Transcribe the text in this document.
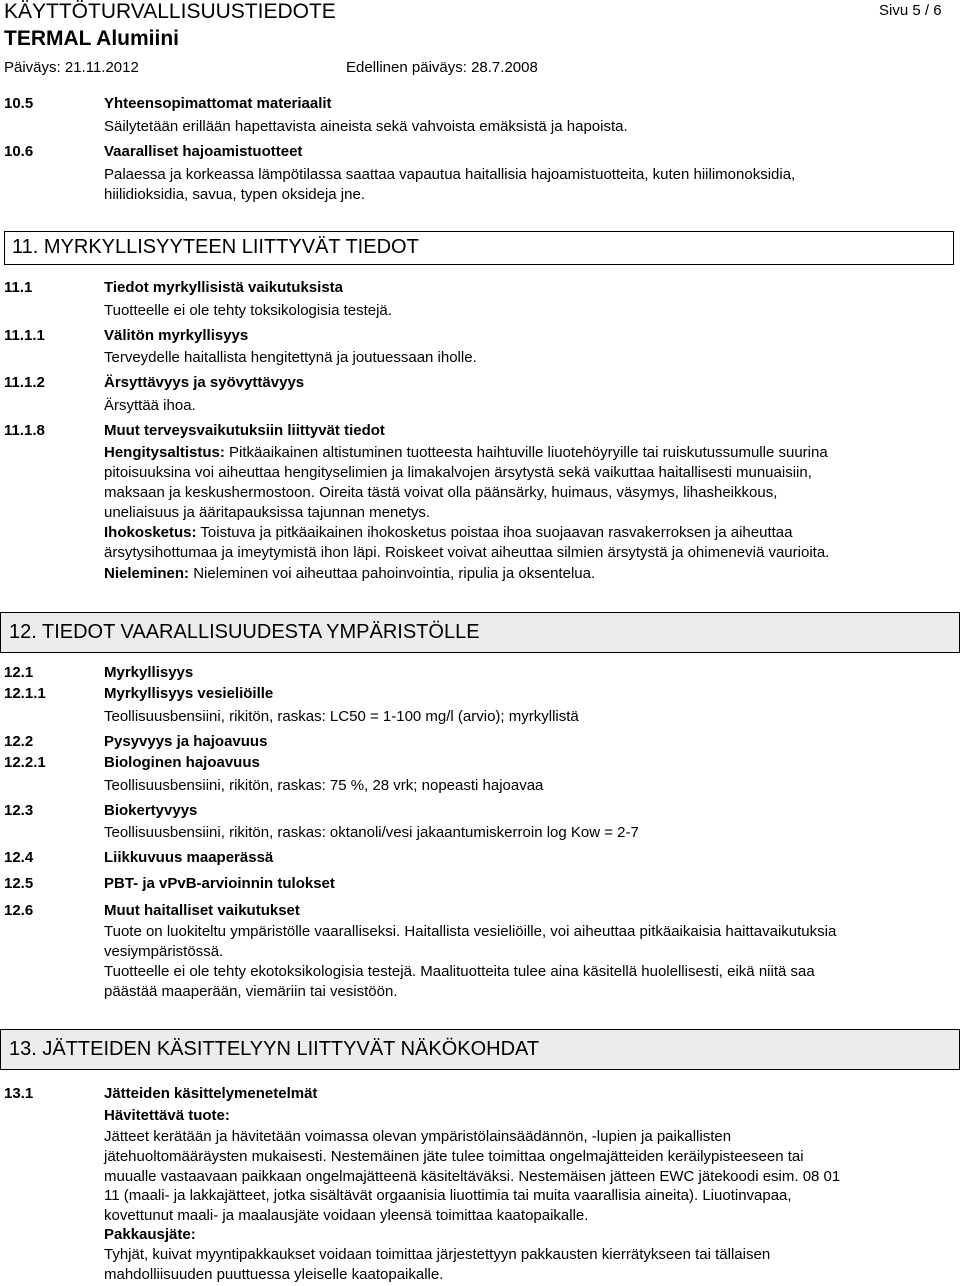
KÄYTTÖTURVALLISUUSTIEDOTE	Sivu 5 / 6
TERMAL Alumiini
Päiväys: 21.11.2012	Edellinen päiväys: 28.7.2008
10.5	Yhteensopimattomat materiaalit
Säilytetään erillään hapettavista aineista sekä vahvoista emäksistä ja hapoista.
10.6	Vaaralliset hajoamistuotteet
Palaessa ja korkeassa lämpötilassa saattaa vapautua haitallisia hajoamistuotteita, kuten hiilimonoksidia,
hiilidioksidia, savua, typen oksideja jne.
11. MYRKYLLISYYTEEN LIITTYVÄT TIEDOT
11.1	Tiedot myrkyllisistä vaikutuksista
Tuotteelle ei ole tehty toksikologisia testejä.
11.1.1	Välitön myrkyllisyys
Terveydelle haitallista hengitettynä ja joutuessaan iholle.
11.1.2	Ärsyttävyys ja syövyttävyys
Ärsyttää ihoa.
11.1.8	Muut terveysvaikutuksiin liittyvät tiedot
Hengitysaltistus: Pitkäaikainen altistuminen tuotteesta haihtuville liuotehöyryille tai ruiskutussumulle suurina
pitoisuuksina voi aiheuttaa hengityselimien ja limakalvojen ärsytystä sekä vaikuttaa haitallisesti munuaisiin,
maksaan ja keskushermostoon. Oireita tästä voivat olla päänsärky, huimaus, väsymys, lihasheikkous,
uneliaisuus ja ääritapauksissa tajunnan menetys.
Ihokosketus: Toistuva ja pitkäaikainen ihokosketus poistaa ihoa suojaavan rasvakerroksen ja aiheuttaa
ärsytysihottumaa ja imeytymistä ihon läpi. Roiskeet voivat aiheuttaa silmien ärsytystä ja ohimeneviä vaurioita.
Nieleminen: Nieleminen voi aiheuttaa pahoinvointia, ripulia ja oksentelua.
12. TIEDOT VAARALLISUUDESTA YMPÄRISTÖLLE
12.1	Myrkyllisyys
12.1.1	Myrkyllisyys vesieliöille
Teollisuusbensiini, rikitön, raskas: LC50 = 1-100 mg/l (arvio); myrkyllistä
12.2	Pysyvyys ja hajoavuus
12.2.1	Biologinen hajoavuus
Teollisuusbensiini, rikitön, raskas: 75 %, 28 vrk; nopeasti hajoavaa
12.3	Biokertyvyys
Teollisuusbensiini, rikitön, raskas: oktanoli/vesi jakaantumiskerroin log Kow = 2-7
12.4	Liikkuvuus maaperässä
12.5	PBT- ja vPvB-arvioinnin tulokset
12.6	Muut haitalliset vaikutukset
Tuote on luokiteltu ympäristölle vaaralliseksi. Haitallista vesieliöille, voi aiheuttaa pitkäaikaisia haittavaikutuksia
vesiympäristössä.
Tuotteelle ei ole tehty ekotoksikologisia testejä. Maalituotteita tulee aina käsitellä huolellisesti, eikä niitä saa
päästää maaperään, viemäriin tai vesistöön.
13. JÄTTEIDEN KÄSITTELYYN LIITTYVÄT NÄKÖKOHDAT
13.1	Jätteiden käsittelymenetelmät
Hävitettävä tuote:
Jätteet kerätään ja hävitetään voimassa olevan ympäristölainsäädännön, -lupien ja paikallisten
jätehuoltomääräysten mukaisesti. Nestemäinen jäte tulee toimittaa ongelmajätteiden keräilypisteeseen tai
muualle vastaavaan paikkaan ongelmajätteenä käsiteltäväksi. Nestemäisen jätteen EWC jätekoodi esim. 08 01
11 (maali- ja lakkajätteet, jotka sisältävät orgaanisia liuottimia tai muita vaarallisia aineita). Liuotinvapaa,
kovettunut maali- ja maalausjäte voidaan yleensä toimittaa kaatopaikalle.
Pakkausjäte:
Tyhjät, kuivat myyntipakkaukset voidaan toimittaa järjestettyyn pakkausten kierrätykseen tai tällaisen
mahdolliisuuden puuttuessa yleiselle kaatopaikalle.
